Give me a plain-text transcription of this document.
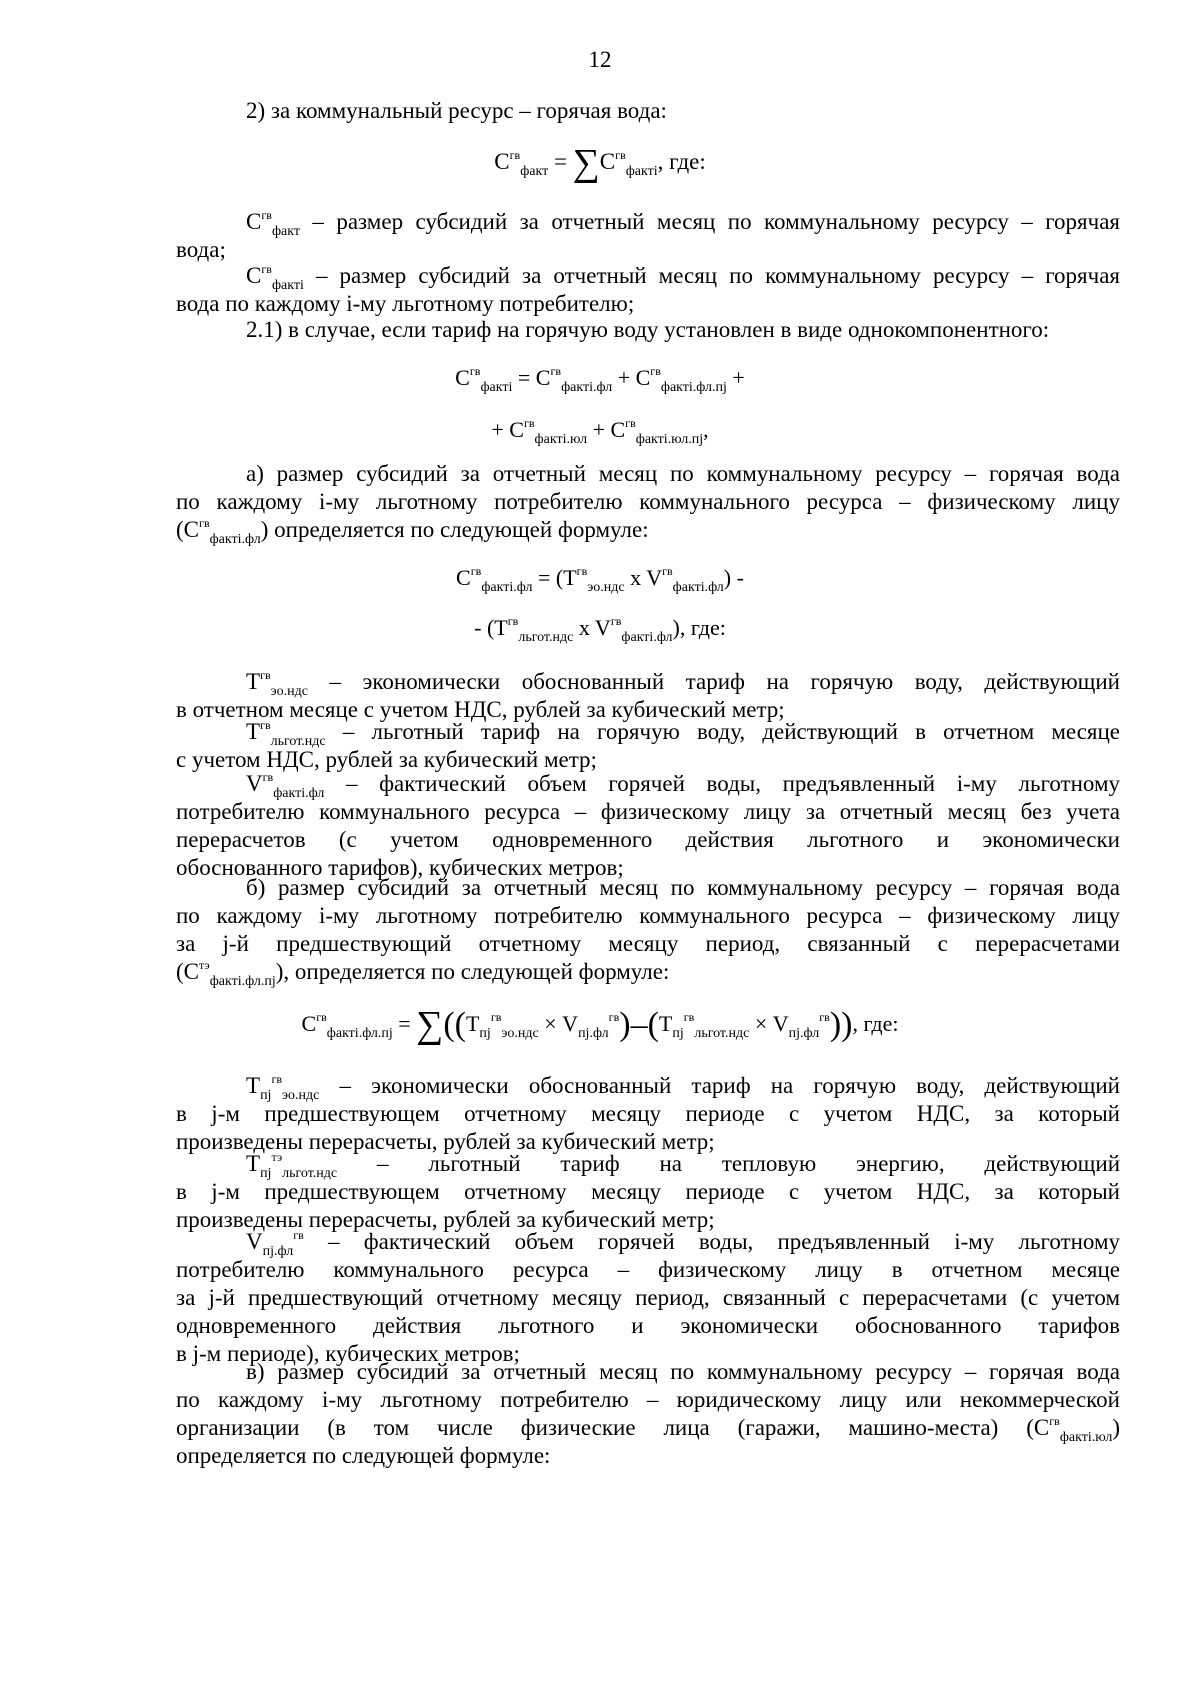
12
2) за коммунальный ресурс – горячая вода:
$С^{гв}_{факт} = \sum С^{гв}_{фактi}$, где:
$С^{гв}_{факт}$ – размер субсидий за отчетный месяц по коммунальному ресурсу – горячая
вода;
$С^{гв}_{фактi}$ – размер субсидий за отчетный месяц по коммунальному ресурсу – горячая
вода по каждому i-му льготному потребителю;
2.1) в случае, если тариф на горячую воду установлен в виде однокомпонентного:
$С^{гв}_{фактi} = С^{гв}_{фактi.фл} + С^{гв}_{фактi.фл.пj}$ +
+ $С^{гв}_{фактi.юл} + С^{гв}_{фактi.юл.пj}$,
а) размер субсидий за отчетный месяц по коммунальному ресурсу – горячая вода
по каждому i-му льготному потребителю коммунального ресурса – физическому лицу
$(С^{гв}_{фактi.фл})$ определяется по следующей формуле:
$С^{гв}_{фактi.фл} = (Т^{гв}_{эо.ндс}$ x $V^{гв}_{фактi.фл}$) -
- ($Т^{гв}_{льгот.ндс}$ x $V^{гв}_{фактi.фл}$), где:
$Т^{гв}_{эо.ндс}$ – экономически обоснованный тариф на горячую воду, действующий
в отчетном месяце с учетом НДС, рублей за кубический метр;
$Т^{гв}_{льгот.ндс}$ – льготный тариф на горячую воду, действующий в отчетном месяце
с учетом НДС, рублей за кубический метр;
$V^{гв}_{фактi.фл}$ – фактический объем горячей воды, предъявленный i-му льготному
потребителю коммунального ресурса – физическому лицу за отчетный месяц без учета
перерасчетов (с учетом одновременного действия льготного и экономически
обоснованного тарифов), кубических метров;
б) размер субсидий за отчетный месяц по коммунальному ресурсу – горячая вода
по каждому i-му льготному потребителю коммунального ресурса – физическому лицу
за j-й предшествующий отчетному месяцу период, связанный с перерасчетами
$(С^{тэ}_{фактi.фл.пj})$, определяется по следующей формуле:
$С^{гв}_{фактi.фл.пj} = \sum((Т_{пj}^{гв}_{эо.ндс} \times V_{пj.фл}^{гв})-(Т_{пj}^{гв}_{льгот.ндс} \times V_{пj.фл}^{гв}))$, где:
$Т_{пj}^{гв}_{эо.ндс}$ – экономически обоснованный тариф на горячую воду, действующий
в j-м предшествующем отчетному месяцу периоде с учетом НДС, за который
произведены перерасчеты, рублей за кубический метр;
$Т_{пj}^{тэ}_{льгот.ндс}$ – льготный тариф на тепловую энергию, действующий
в j-м предшествующем отчетному месяцу периоде с учетом НДС, за который
произведены перерасчеты, рублей за кубический метр;
$V_{пj.фл}^{гв}$ – фактический объем горячей воды, предъявленный i-му льготному
потребителю коммунального ресурса – физическому лицу в отчетном месяце
за j-й предшествующий отчетному месяцу период, связанный с перерасчетами (с учетом
одновременного действия льготного и экономически обоснованного тарифов
в j-м периоде), кубических метров;
в) размер субсидий за отчетный месяц по коммунальному ресурсу – горячая вода
по каждому i-му льготному потребителю – юридическому лицу или некоммерческой
организации (в том числе физические лица (гаражи, машино-места) $(С^{гв}_{фактi.юл})$
определяется по следующей формуле:
